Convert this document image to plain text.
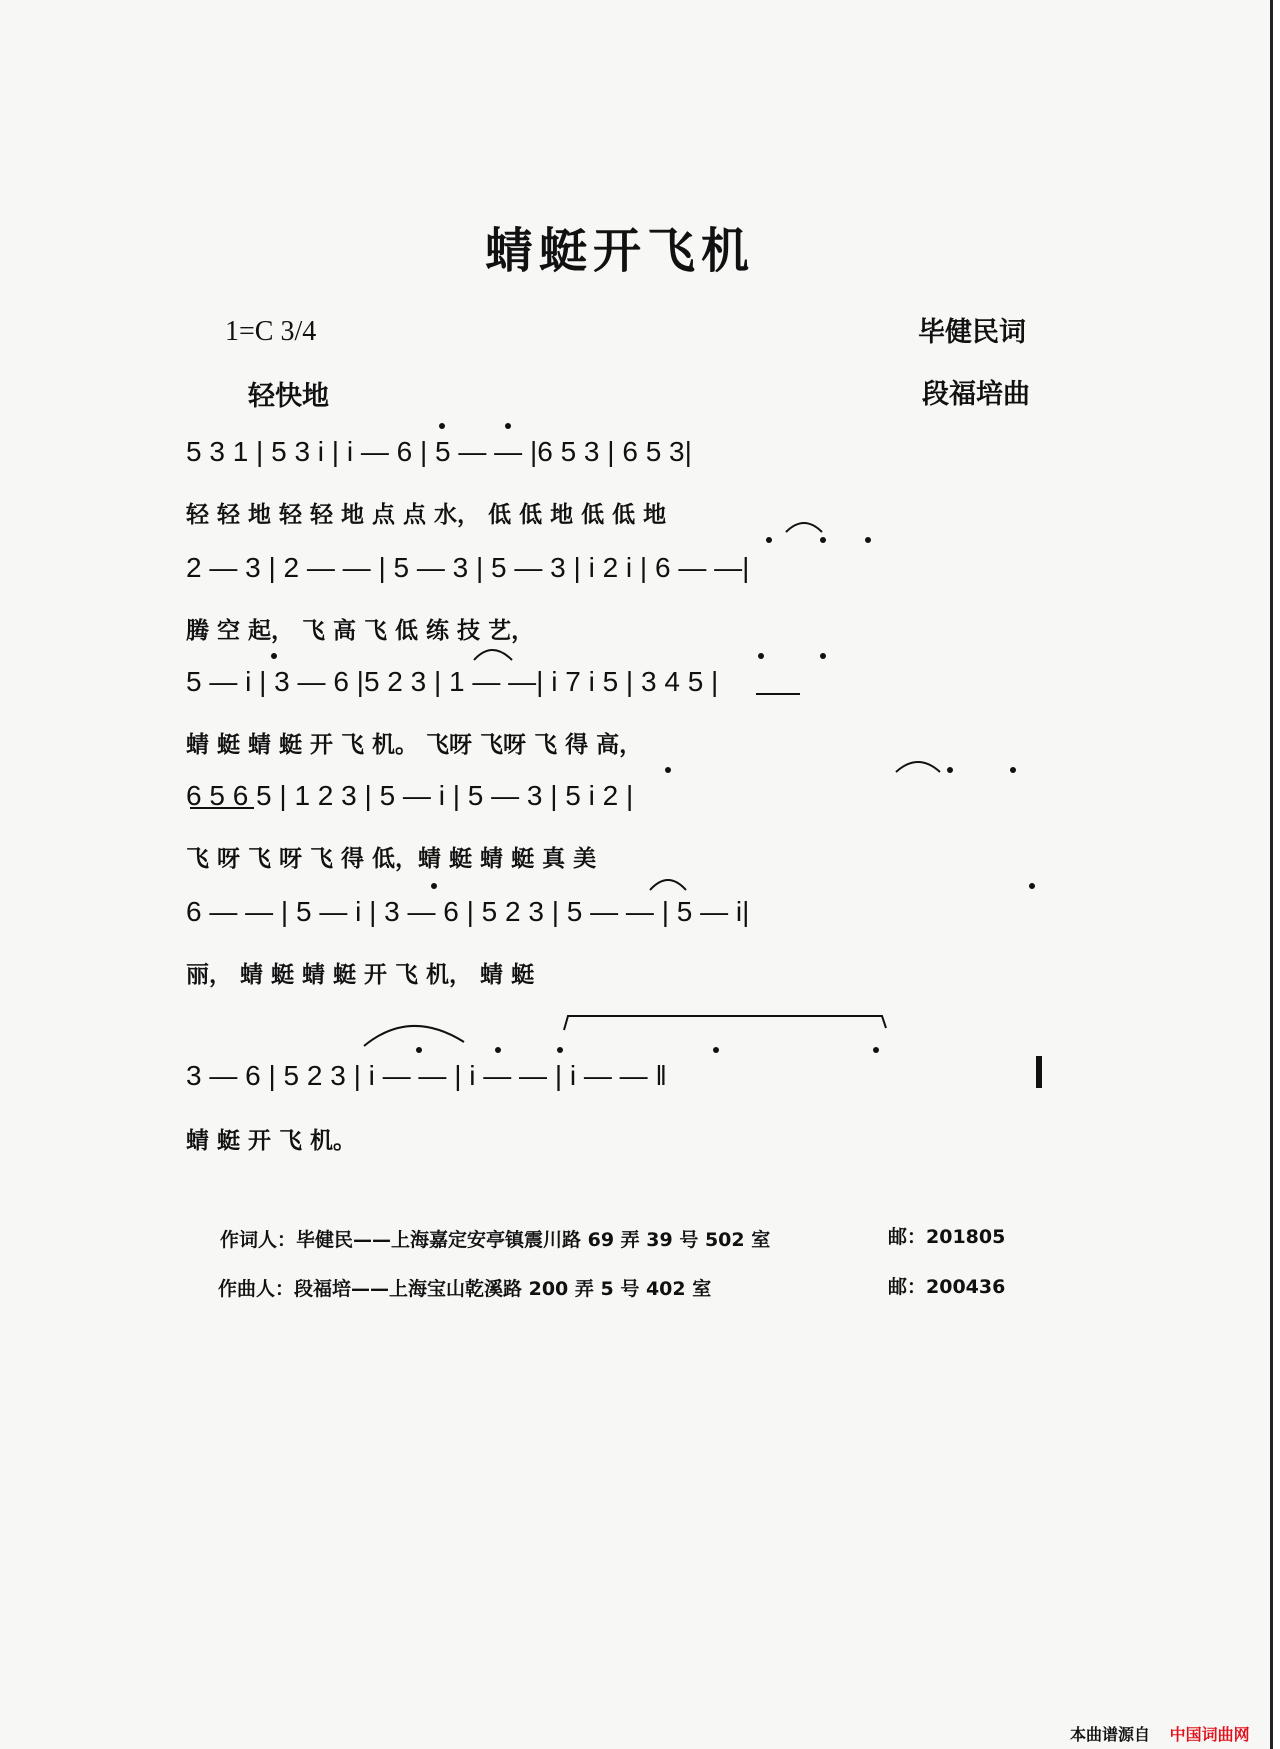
蜻蜓开飞机
1=C 3/4
轻快地
毕健民词
段福培曲
5 3 1 | 5 3 i | i — 6 | 5 — — |6 5 3 | 6 5 3|
轻 轻 地 轻 轻 地 点 点 水， 低 低 地 低 低 地
2 — 3 | 2 — — | 5 — 3 | 5 — 3 | i 2 i | 6 — —|
腾 空 起， 飞 高 飞 低 练 技 艺，
5 — i | 3 — 6 |5 2 3 | 1 — —| i 7 i 5 | 3 4 5 |
蜻 蜓 蜻 蜓 开 飞 机。 飞呀 飞呀 飞 得 高，
6 5 6 5 | 1 2 3 | 5 — i | 5 — 3 | 5 i 2 |
飞 呀 飞 呀 飞 得 低，蜻 蜓 蜻 蜓 真 美
6 — — | 5 — i | 3 — 6 | 5 2 3 | 5 — — | 5 — i|
丽， 蜻 蜓 蜻 蜓 开 飞 机， 蜻 蜓
3 — 6 | 5 2 3 | i — — | i — — | i — — ‖
蜻 蜓 开 飞 机。
作词人：毕健民——上海嘉定安亭镇震川路 69 弄 39 号 502 室	邮：201805
作曲人：段福培——上海宝山乾溪路 200 弄 5 号 402 室	邮：200436
本曲谱源自 中国词曲网
